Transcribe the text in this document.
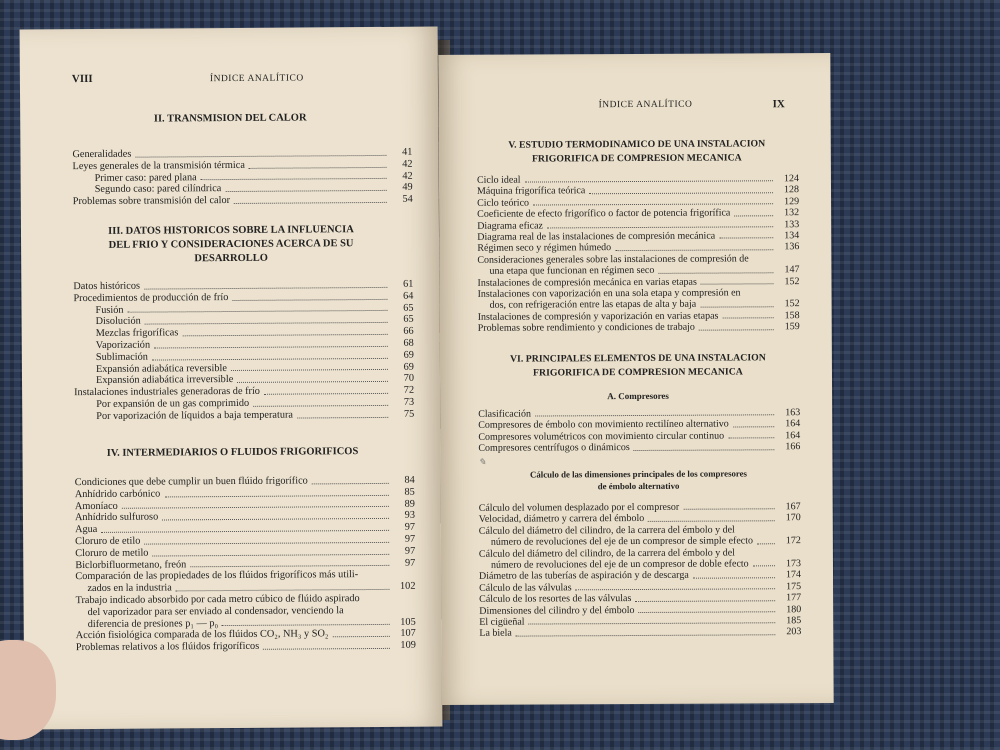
VIII	ÍNDICE ANALÍTICO
II. TRANSMISION DEL CALOR
Generalidades	41
Leyes generales de la transmisión térmica	42
Primer caso: pared plana	42
Segundo caso: pared cilíndrica	49
Problemas sobre transmisión del calor	54
III. DATOS HISTORICOS SOBRE LA INFLUENCIA
DEL FRIO Y CONSIDERACIONES ACERCA DE SU
DESARROLLO
Datos históricos	61
Procedimientos de producción de frío	64
Fusión	65
Disolución	65
Mezclas frigoríficas	66
Vaporización	68
Sublimación	69
Expansión adiabática reversible	69
Expansión adiabática irreversible	70
Instalaciones industriales generadoras de frío	72
Por expansión de un gas comprimido	73
Por vaporización de líquidos a baja temperatura	75
IV. INTERMEDIARIOS O FLUIDOS FRIGORIFICOS
Condiciones que debe cumplir un buen flúido frigorífico	84
Anhídrido carbónico	85
Amoníaco	89
Anhídrido sulfuroso	93
Agua	97
Cloruro de etilo	97
Cloruro de metilo	97
Biclorbifluormetano, freón	97
Comparación de las propiedades de los flúidos frigoríficos más utili-
zados en la industria	102
Trabajo indicado absorbido por cada metro cúbico de flúido aspirado
del vaporizador para ser enviado al condensador, venciendo la
diferencia de presiones p₁ — p₀	105
Acción fisiológica comparada de los flúidos CO₂, NH₃ y SO₂	107
Problemas relativos a los flúidos frigoríficos	109
ÍNDICE ANALÍTICO	IX
V. ESTUDIO TERMODINAMICO DE UNA INSTALACION
FRIGORIFICA DE COMPRESION MECANICA
Ciclo ideal	124
Máquina frigorífica teórica	128
Ciclo teórico	129
Coeficiente de efecto frigorífico o factor de potencia frigorífica	132
Diagrama eficaz	133
Diagrama real de las instalaciones de compresión mecánica	134
Régimen seco y régimen húmedo	136
Consideraciones generales sobre las instalaciones de compresión de
una etapa que funcionan en régimen seco	147
Instalaciones de compresión mecánica en varias etapas	152
Instalaciones con vaporización en una sola etapa y compresión en
dos, con refrigeración entre las etapas de alta y baja	152
Instalaciones de compresión y vaporización en varias etapas	158
Problemas sobre rendimiento y condiciones de trabajo	159
VI. PRINCIPALES ELEMENTOS DE UNA INSTALACION
FRIGORIFICA DE COMPRESION MECANICA
A. Compresores
Clasificación	163
Compresores de émbolo con movimiento rectilíneo alternativo	164
Compresores volumétricos con movimiento circular continuo	164
Compresores centrífugos o dinámicos	166
✎
Cálculo de las dimensiones principales de los compresores
de émbolo alternativo
Cálculo del volumen desplazado por el compresor	167
Velocidad, diámetro y carrera del émbolo	170
Cálculo del diámetro del cilindro, de la carrera del émbolo y del
número de revoluciones del eje de un compresor de simple efecto	172
Cálculo del diámetro del cilindro, de la carrera del émbolo y del
número de revoluciones del eje de un compresor de doble efecto	173
Diámetro de las tuberías de aspiración y de descarga	174
Cálculo de las válvulas	175
Cálculo de los resortes de las válvulas	177
Dimensiones del cilindro y del émbolo	180
El cigüeñal	185
La biela	203
